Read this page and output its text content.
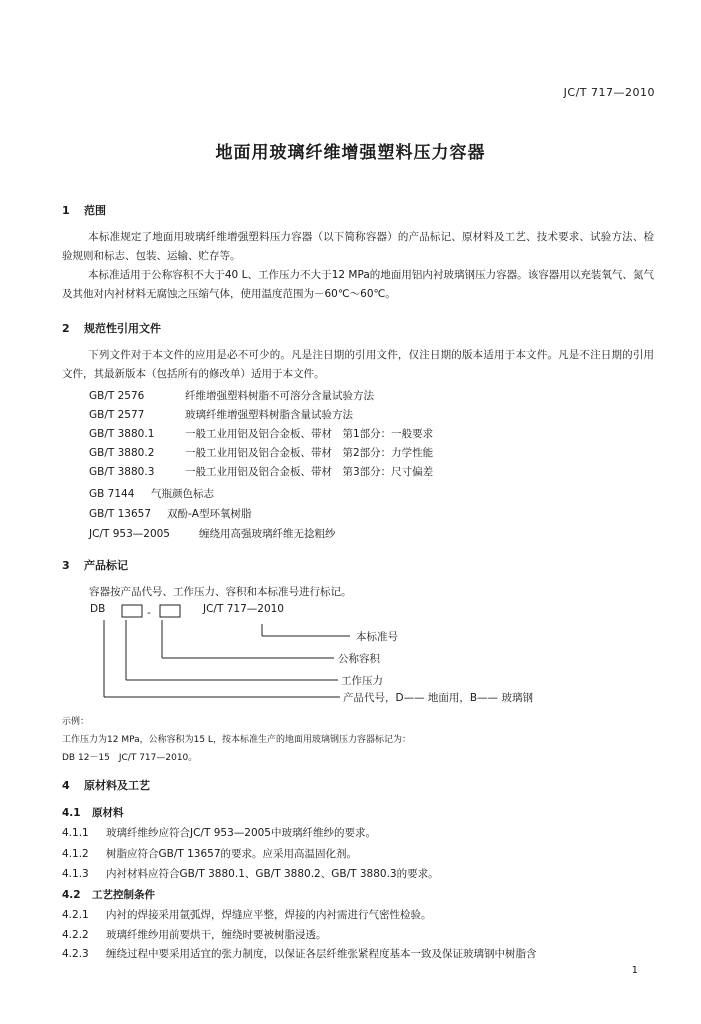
JC/T 717—2010
地面用玻璃纤维增强塑料压力容器
1 范围
本标准规定了地面用玻璃纤维增强塑料压力容器（以下简称容器）的产品标记、原材料及工艺、技术要求、试验方法、检验规则和标志、包装、运输、贮存等。
本标准适用于公称容积不大于40 L、工作压力不大于12 MPa的地面用铝内衬玻璃钢压力容器。该容器用以充装氧气、氮气及其他对内衬材料无腐蚀之压缩气体，使用温度范围为－60℃～60℃。
2 规范性引用文件
下列文件对于本文件的应用是必不可少的。凡是注日期的引用文件，仅注日期的版本适用于本文件。凡是不注日期的引用文件，其最新版本（包括所有的修改单）适用于本文件。
GB/T 2576	纤维增强塑料树脂不可溶分含量试验方法
GB/T 2577	玻璃纤维增强塑料树脂含量试验方法
GB/T 3880.1	一般工业用铝及铝合金板、带材　第1部分：一般要求
GB/T 3880.2	一般工业用铝及铝合金板、带材　第2部分：力学性能
GB/T 3880.3	一般工业用铝及铝合金板、带材　第3部分：尺寸偏差
GB 7144 气瓶颜色标志
GB/T 13657 双酚-A型环氧树脂
JC/T 953—2005	缠绕用高强玻璃纤维无捻粗纱
3 产品标记
容器按产品代号、工作压力、容积和本标准号进行标记。
-
DB	JC/T 717—2010
本标准号
公称容积
工作压力
产品代号，D—— 地面用，B—— 玻璃钢
示例：
工作压力为12 MPa，公称容积为15 L，按本标准生产的地面用玻璃钢压力容器标记为：
DB 12－15　JC/T 717—2010。
4 原材料及工艺
4.1 原材料
4.1.1 玻璃纤维纱应符合JC/T 953—2005中玻璃纤维纱的要求。
4.1.2 树脂应符合GB/T 13657的要求。应采用高温固化剂。
4.1.3 内衬材料应符合GB/T 3880.1、GB/T 3880.2、GB/T 3880.3的要求。
4.2 工艺控制条件
4.2.1 内衬的焊接采用氩弧焊，焊缝应平整，焊接的内衬需进行气密性检验。
4.2.2 玻璃纤维纱用前要烘干，缠绕时要被树脂浸透。
4.2.3 缠绕过程中要采用适宜的张力制度，以保证各层纤维张紧程度基本一致及保证玻璃钢中树脂含
1
